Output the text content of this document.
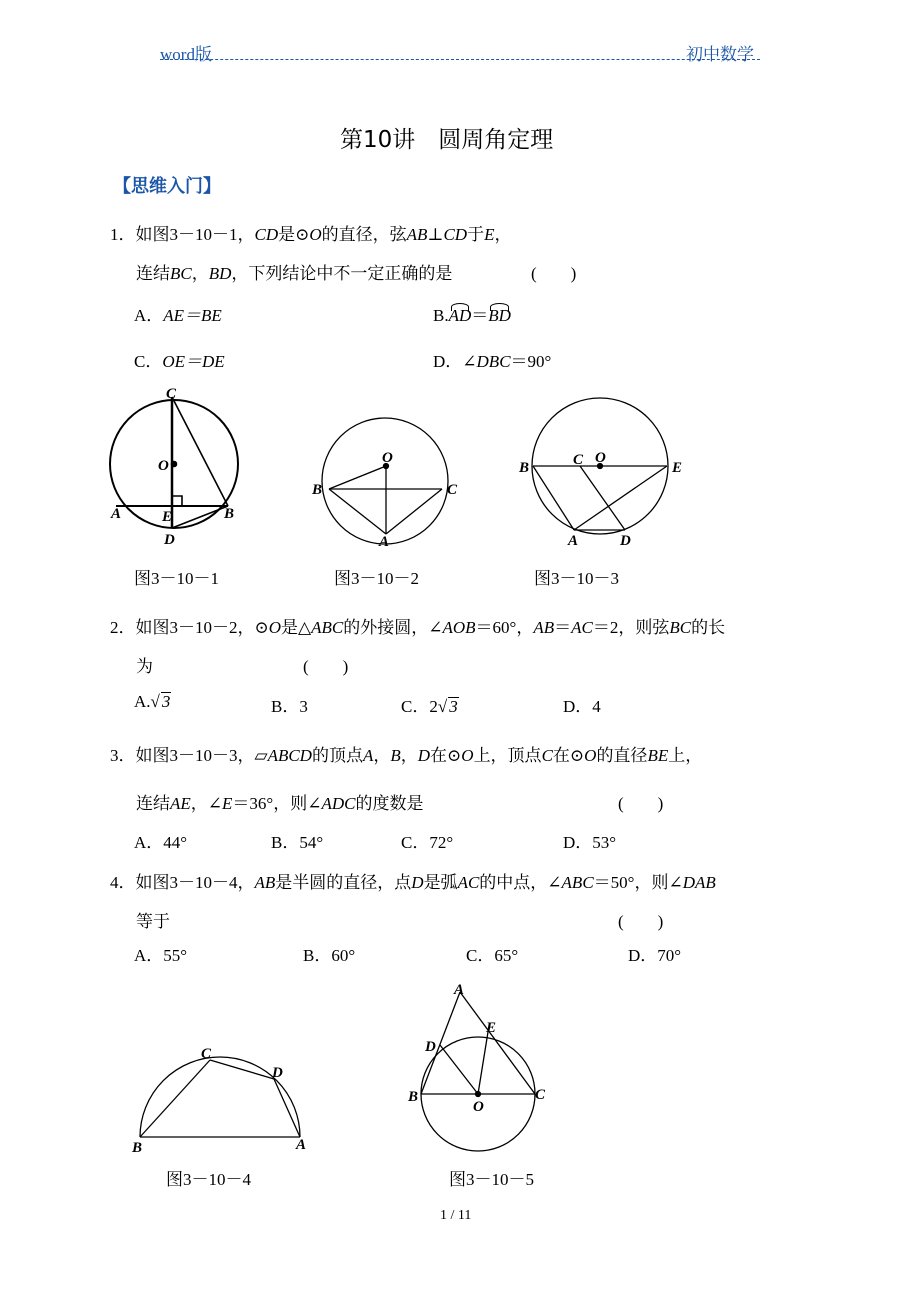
word版	初中数学
第10讲　圆周角定理
【思维入门】
1．如图3－10－1，CD是⊙O的直径，弦AB⊥CD于E，
连结BC，BD，下列结论中不一定正确的是	(　　)
A．AE＝BE	B.AD＝BD
C．OE＝DE	D．∠DBC＝90°
C
O
E
A	B
D
O
B	C
A
B	C O
E
A	D
图3－10－1	图3－10－2	图3－10－3
2．如图3－10－2，⊙O是△ABC的外接圆，∠AOB＝60°，AB＝AC＝2，则弦BC的长
为	(　　)
A.√ 3	B．3	C．2√ 3	D．4
3．如图3－10－3，▱ABCD的顶点A，B，D在⊙O上，顶点C在⊙O的直径BE上，
连结AE，∠E＝36°，则∠ADC的度数是	(　　)
A．44°	B．54°	C．72°	D．53°
4．如图3－10－4，AB是半圆的直径，点D是弧AC的中点，∠ABC＝50°，则∠DAB
等于	(　　)
A．55°	B．60°	C．65°	D．70°
C
D
B	A
A
E
D
B
O
C
图3－10－4	图3－10－5
1 / 11
